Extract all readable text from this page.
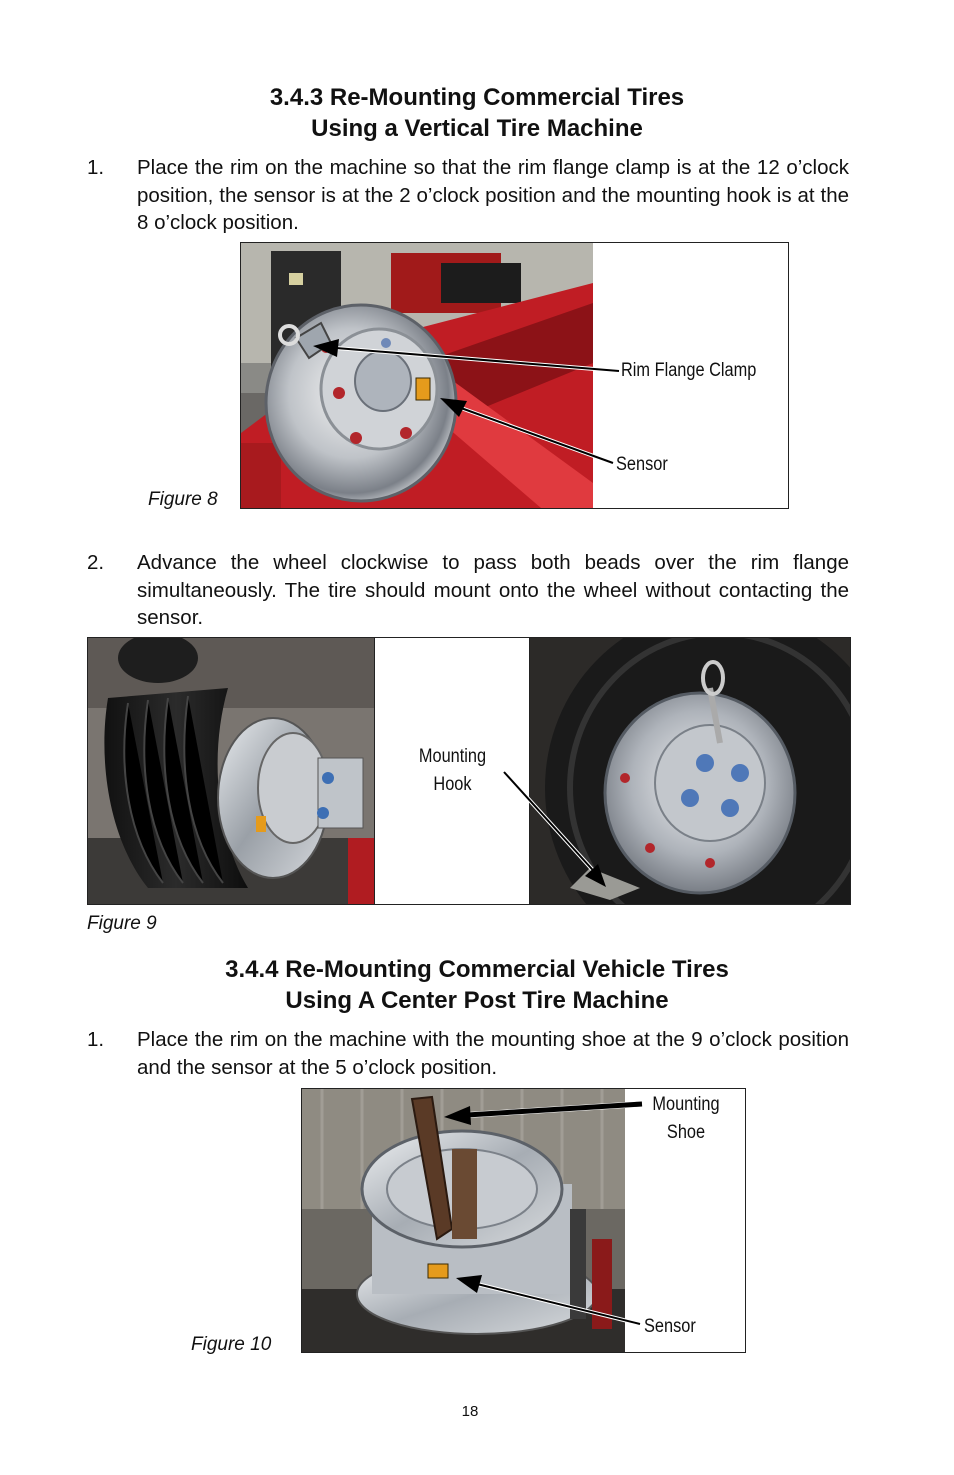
3.4.3 Re-Mounting Commercial Tires
Using a Vertical Tire Machine
1. Place the rim on the machine so that the rim flange clamp is at the 12 o’clock position, the sensor is at the 2 o’clock position and the mounting hook is at the 8 o’clock position.
Figure 8
Rim Flange Clamp
Sensor
2. Advance the wheel clockwise to pass both beads over the rim flange simultaneously. The tire should mount onto the wheel without contacting the sensor.
Mounting
Hook
Figure 9
3.4.4 Re-Mounting Commercial Vehicle Tires
Using A Center Post Tire Machine
1. Place the rim on the machine with the mounting shoe at the 9 o’clock position and the sensor at the 5 o’clock position.
Figure 10
Mounting
Shoe
Sensor
18
